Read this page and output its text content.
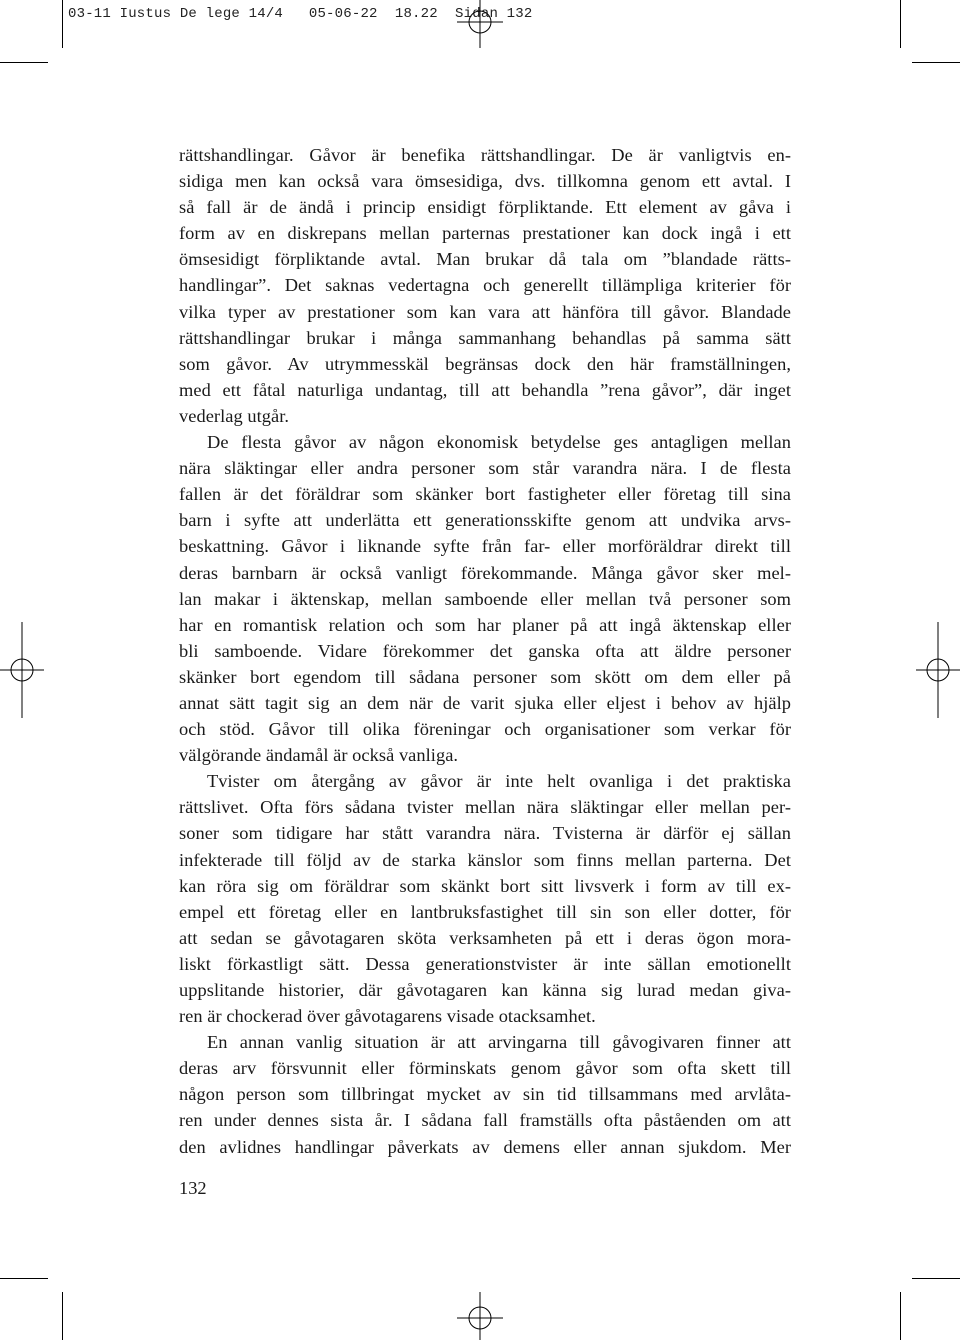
03-11 Iustus De lege 14/4   05-06-22  18.22  Sidan 132
rättshandlingar. Gåvor är benefika rättshandlingar. De är vanligtvis en-
sidiga men kan också vara ömsesidiga, dvs. tillkomna genom ett avtal. I
så fall är de ändå i princip ensidigt förpliktande. Ett element av gåva i
form av en diskrepans mellan parternas prestationer kan dock ingå i ett
ömsesidigt förpliktande avtal. Man brukar då tala om ”blandade rätts-
handlingar”. Det saknas vedertagna och generellt tillämpliga kriterier för
vilka typer av prestationer som kan vara att hänföra till gåvor. Blandade
rättshandlingar brukar i många sammanhang behandlas på samma sätt
som gåvor. Av utrymmesskäl begränsas dock den här framställningen,
med ett fåtal naturliga undantag, till att behandla ”rena gåvor”, där inget
vederlag utgår.
De flesta gåvor av någon ekonomisk betydelse ges antagligen mellan
nära släktingar eller andra personer som står varandra nära. I de flesta
fallen är det föräldrar som skänker bort fastigheter eller företag till sina
barn i syfte att underlätta ett generationsskifte genom att undvika arvs-
beskattning. Gåvor i liknande syfte från far- eller morföräldrar direkt till
deras barnbarn är också vanligt förekommande. Många gåvor sker mel-
lan makar i äktenskap, mellan samboende eller mellan två personer som
har en romantisk relation och som har planer på att ingå äktenskap eller
bli samboende. Vidare förekommer det ganska ofta att äldre personer
skänker bort egendom till sådana personer som skött om dem eller på
annat sätt tagit sig an dem när de varit sjuka eller eljest i behov av hjälp
och stöd. Gåvor till olika föreningar och organisationer som verkar för
välgörande ändamål är också vanliga.
Tvister om återgång av gåvor är inte helt ovanliga i det praktiska
rättslivet. Ofta förs sådana tvister mellan nära släktingar eller mellan per-
soner som tidigare har stått varandra nära. Tvisterna är därför ej sällan
infekterade till följd av de starka känslor som finns mellan parterna. Det
kan röra sig om föräldrar som skänkt bort sitt livsverk i form av till ex-
empel ett företag eller en lantbruksfastighet till sin son eller dotter, för
att sedan se gåvotagaren sköta verksamheten på ett i deras ögon mora-
liskt förkastligt sätt. Dessa generationstvister är inte sällan emotionellt
uppslitande historier, där gåvotagaren kan känna sig lurad medan giva-
ren är chockerad över gåvotagarens visade otacksamhet.
En annan vanlig situation är att arvingarna till gåvogivaren finner att
deras arv försvunnit eller förminskats genom gåvor som ofta skett till
någon person som tillbringat mycket av sin tid tillsammans med arvlåta-
ren under dennes sista år. I sådana fall framställs ofta påståenden om att
den avlidnes handlingar påverkats av demens eller annan sjukdom. Mer
132
